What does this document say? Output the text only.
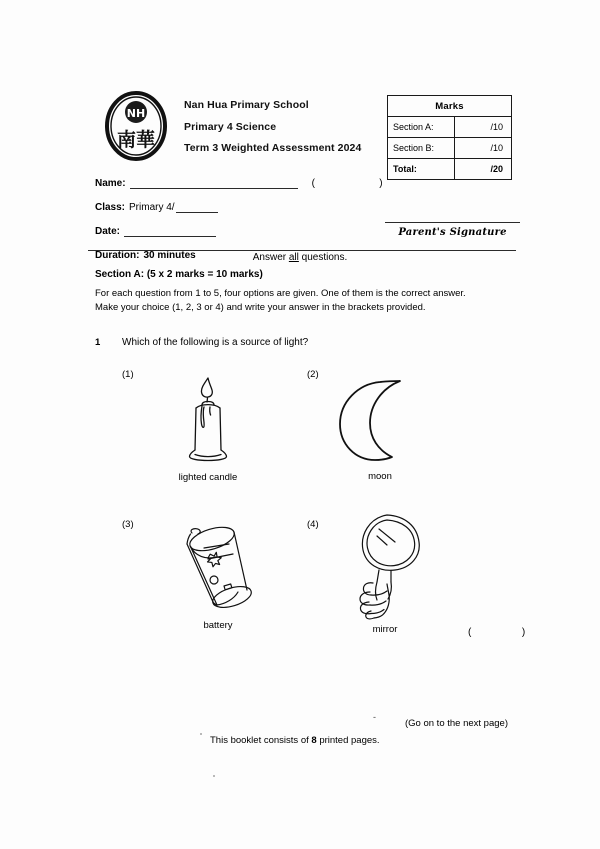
NH
南華
Nan Hua Primary School
Primary 4 Science
Term 3 Weighted Assessment 2024
Marks	
Section A:	/10
Section B:	/10
Total:	/20
Name:	(   )
Class: Primary 4/
Date:
Duration: 30 minutes
Parent's Signature
Answer all questions.
Section A: (5 x 2 marks = 10 marks)
For each question from 1 to 5, four options are given. One of them is the correct answer.
Make your choice (1, 2, 3 or 4) and write your answer in the brackets provided.
1 Which of the following is a source of light?
(1)	(2)
(3)	(4)
lighted candle	moon
battery	mirror	(  )
-
(Go on to the next page)
This booklet consists of 8 printed pages.
